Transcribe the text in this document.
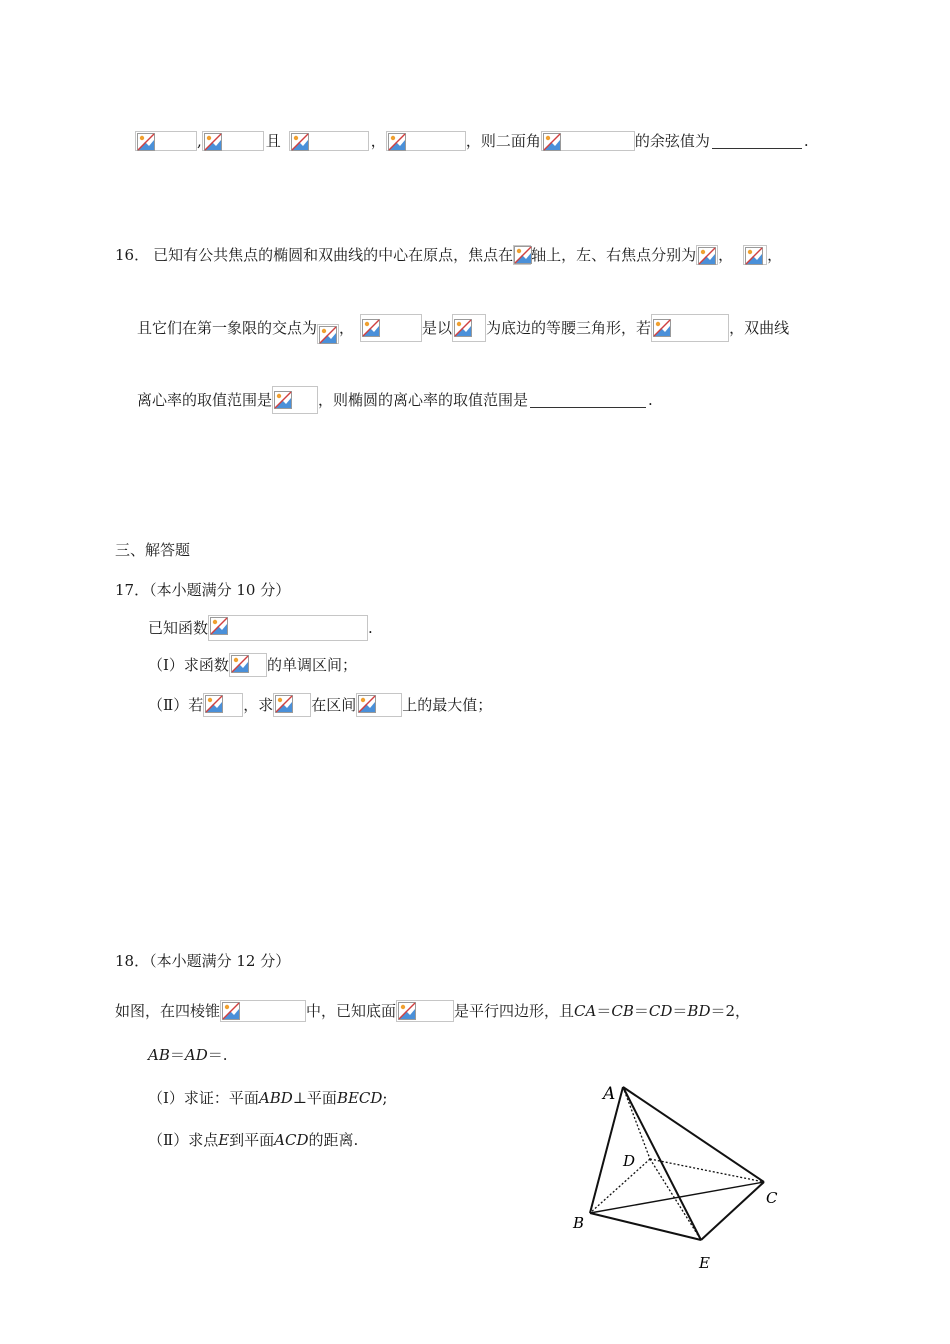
,	且	，	，则二面角	的余弦值为	.
16． 已知有公共焦点的椭圆和双曲线的中心在原点，焦点在 轴上，左、右焦点分别为 ， ，
且它们在第一象限的交点为 ，	是以 为底边的等腰三角形，若	，双曲线
离心率的取值范围是	，则椭圆的离心率的取值范围是	.
三、解答题
17．（本小题满分 10 分）
已知函数	.
（Ⅰ）求函数	的单调区间；
（Ⅱ）若	，求	在区间	上的最大值；
18．（本小题满分 12 分）
如图，在四棱锥	中，已知底面	是平行四边形，且CA＝CB＝CD＝BD＝2，
AB＝AD＝.
（Ⅰ）求证：平面ABD⊥平面BECD;
（Ⅱ）求点E到平面ACD的距离.
A
B
C
D
E
